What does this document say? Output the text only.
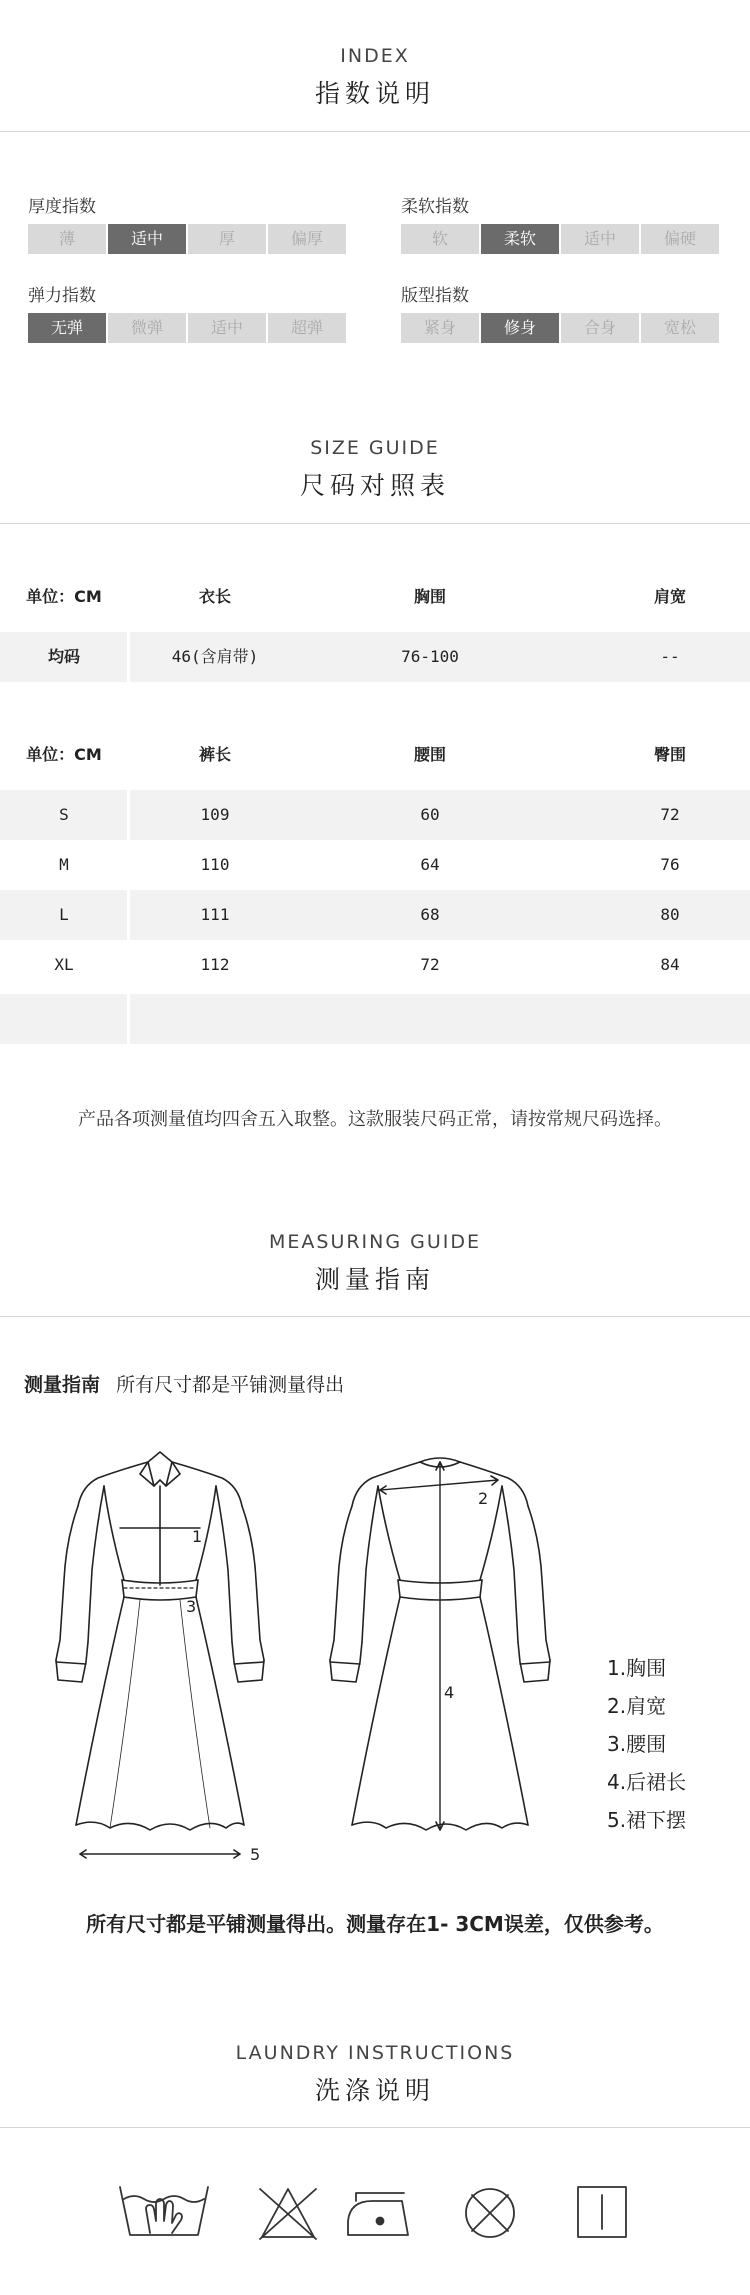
INDEX
指数说明
厚度指数
薄	适中	厚	偏厚
柔软指数
软	柔软	适中	偏硬
弹力指数
无弹	微弹	适中	超弹
版型指数
紧身	修身	合身	宽松
SIZE GUIDE
尺码对照表
单位：CM	衣长	胸围	肩宽
均码	46(含肩带)	76-100	--
单位：CM	裤长	腰围	臀围
S	109	60	72
M	110	64	76
L	111	68	80
XL	112	72	84
产品各项测量值均四舍五入取整。这款服装尺码正常，请按常规尺码选择。
MEASURING GUIDE
测量指南
测量指南 所有尺寸都是平铺测量得出
1
2
3
4
5
1.胸围
2.肩宽
3.腰围
4.后裙长
5.裙下摆
所有尺寸都是平铺测量得出。测量存在1- 3CM误差，仅供参考。
LAUNDRY INSTRUCTIONS
洗涤说明
